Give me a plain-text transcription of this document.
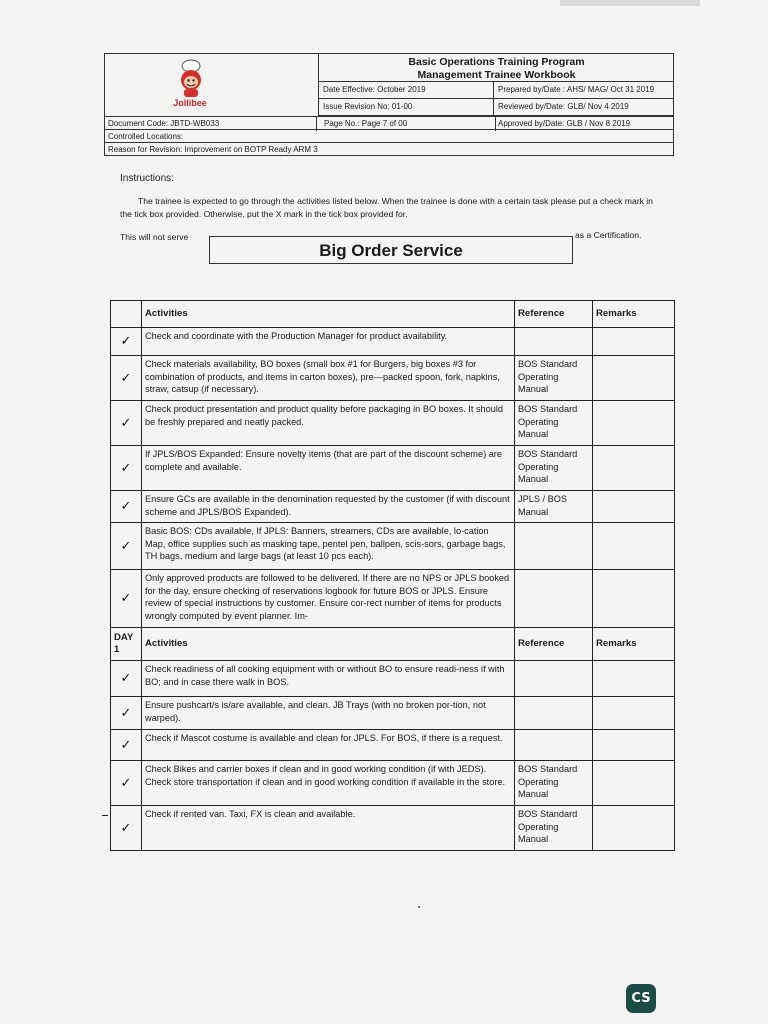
Jollibee
Basic Operations Training Program
Management Trainee Workbook
Date Effective: October 2019	Prepared by/Date : AHS/ MAG/ Oct 31 2019
Issue Revision No: 01-00	Reviewed by/Date: GLB/ Nov 4 2019
Document Code: JBTD-WB033	Page No.: Page 7 of 00	Approved by/Date: GLB / Nov 8 2019
Controlled Locations:
Reason for Revision: Improvement on BOTP Ready ARM 3
Instructions:
The trainee is expected to go through the activities listed below. When the trainee is done with a certain task please put a check mark in the tick box provided. Otherwise, put the X mark in the tick box provided for.
This will not serve
Big Order Service
as a Certification.
	Activities	Reference	Remarks
✓	Check and coordinate with the Production Manager for product availability.		
✓	Check materials availability, BO boxes (small box #1 for Burgers, big boxes #3 for combination of products, and items in carton boxes), pre—packed spoon, fork, napkins, straw, catsup (if necessary).	BOS Standard Operating Manual	
✓	Check product presentation and product quality before packaging in BO boxes. It should be freshly prepared and neatly packed.	BOS Standard Operating Manual	
✓	If JPLS/BOS Expanded: Ensure novelty items (that are part of the discount scheme) are complete and available.	BOS Standard Operating Manual	
✓	Ensure GCs are available in the denomination requested by the customer (if with discount scheme and JPLS/BOS Expanded).	JPLS / BOS Manual	
✓	Basic BOS: CDs available, If JPLS: Banners, streamers, CDs are available, lo-cation Map, office supplies such as masking tape, pentel pen, ballpen, scis-sors, garbage bags, TH bags, medium and large bags (at least 10 pcs each).		
✓	Only approved products are followed to be delivered. If there are no NPS or JPLS booked for the day, ensure checking of reservations logbook for future BOS or JPLS. Ensure review of special instructions by customer. Ensure cor-rect number of items for products wrongly computed by event planner. Im-		
DAY 1	Activities	Reference	Remarks
✓	Check readiness of all cooking equipment with or without BO to ensure readi-ness if with BO; and in case there walk in BOS.		
✓	Ensure pushcart/s is/are available, and clean. JB Trays (with no broken por-tion, not warped).		
✓	Check if Mascot costume is available and clean for JPLS. For BOS, if there is a request.		
✓	Check Bikes and carrier boxes if clean and in good working condition (if with JEDS). Check store transportation if clean and in good working condition if available in the store.	BOS Standard Operating Manual	
✓	Check if rented van. Taxi, FX is clean and available.	BOS Standard Operating Manual	
CS
